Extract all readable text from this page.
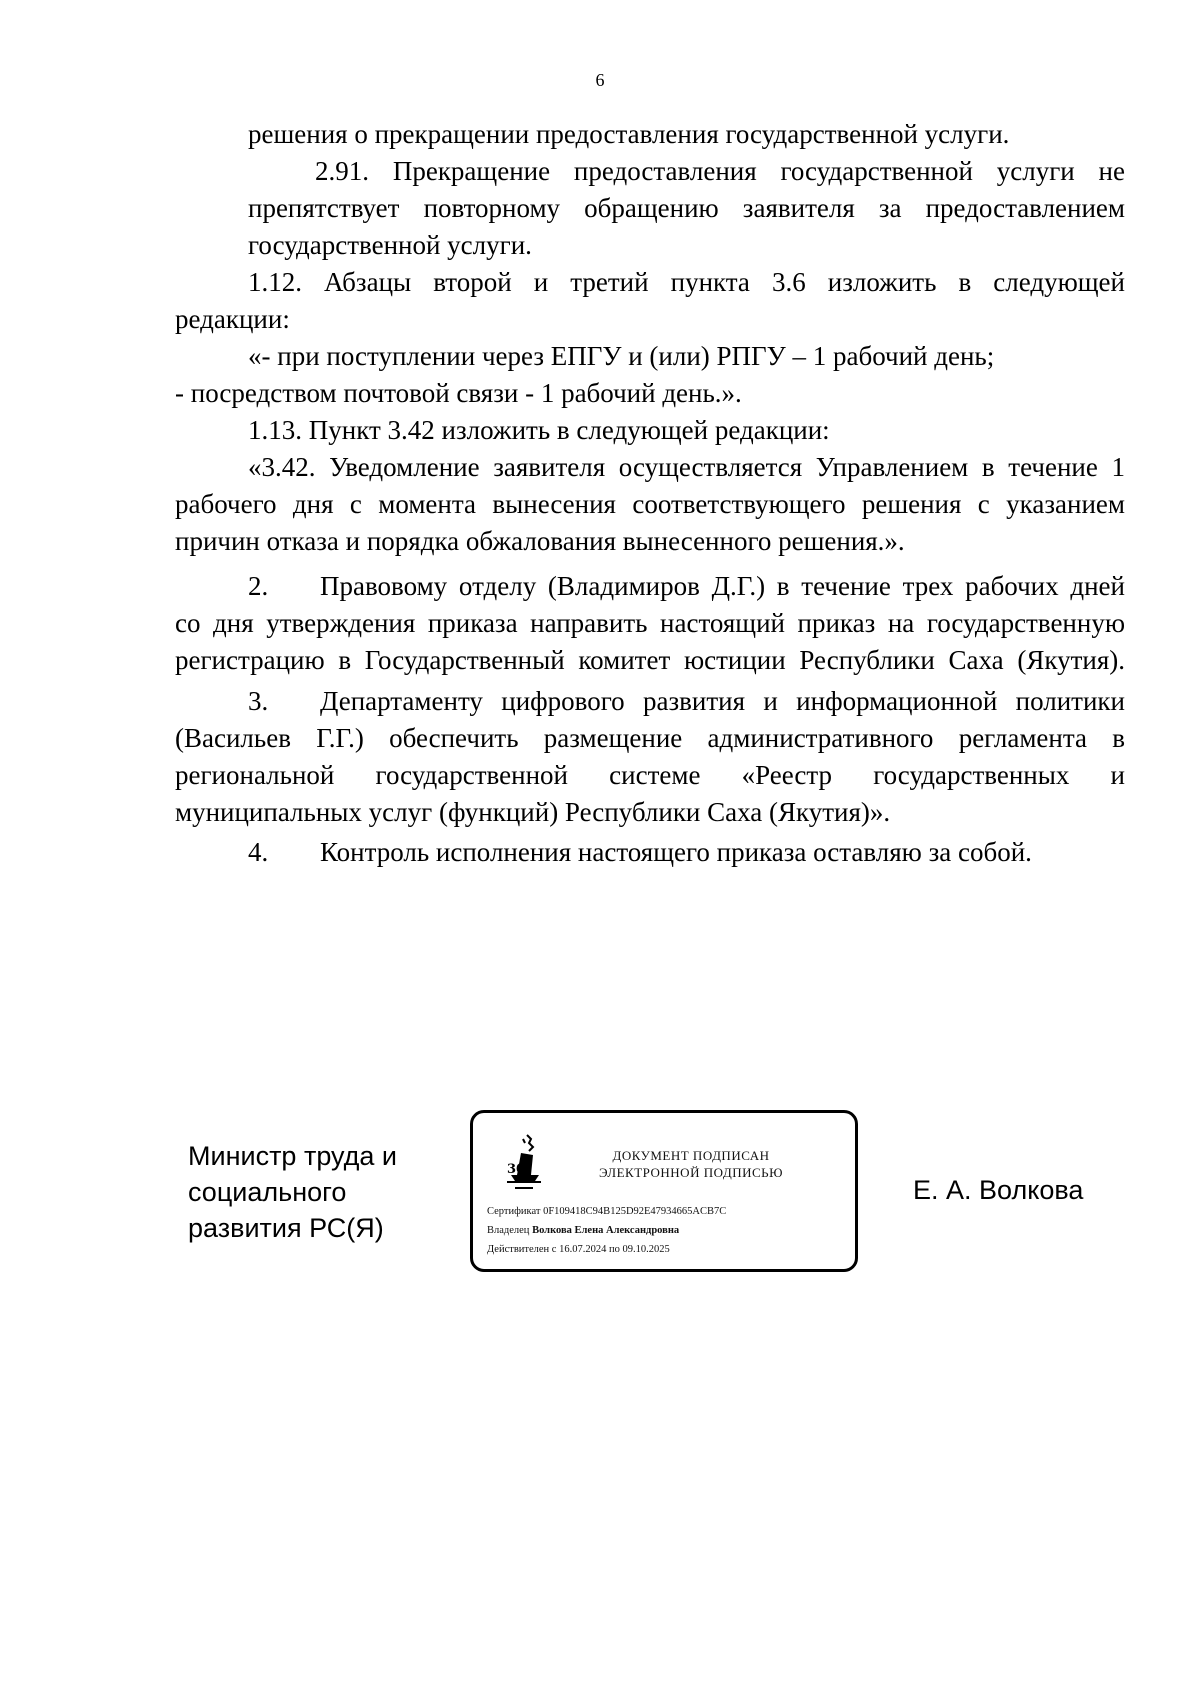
6
решения о прекращении предоставления государственной услуги.
2.91. Прекращение предоставления государственной услуги не
препятствует повторному обращению заявителя за предоставлением
государственной услуги.
1.12. Абзацы второй и третий пункта 3.6 изложить в следующей
редакции:
«- при поступлении через ЕПГУ и (или) РПГУ – 1 рабочий день;
- посредством почтовой связи - 1 рабочий день.».
1.13. Пункт 3.42 изложить в следующей редакции:
«3.42. Уведомление заявителя осуществляется Управлением в течение 1
рабочего дня с момента вынесения соответствующего решения с указанием
причин отказа и порядка обжалования вынесенного решения.».
2. Правовому отделу (Владимиров Д.Г.) в течение трех рабочих дней
со дня утверждения приказа направить настоящий приказ на государственную
регистрацию в Государственный комитет юстиции Республики Саха (Якутия).
3. Департаменту цифрового развития и информационной политики
(Васильев Г.Г.) обеспечить размещение административного регламента в
региональной государственной системе «Реестр государственных и
муниципальных услуг (функций) Республики Саха (Якутия)».
4. Контроль исполнения настоящего приказа оставляю за собой.
Министр труда и
социального
развития РС(Я)
30
ДОКУМЕНТ ПОДПИСАН
ЭЛЕКТРОННОЙ ПОДПИСЬЮ
Сертификат 0F109418C94B125D92E47934665ACB7C
Владелец Волкова Елена Александровна
Действителен с 16.07.2024 по 09.10.2025
Е. А. Волкова
